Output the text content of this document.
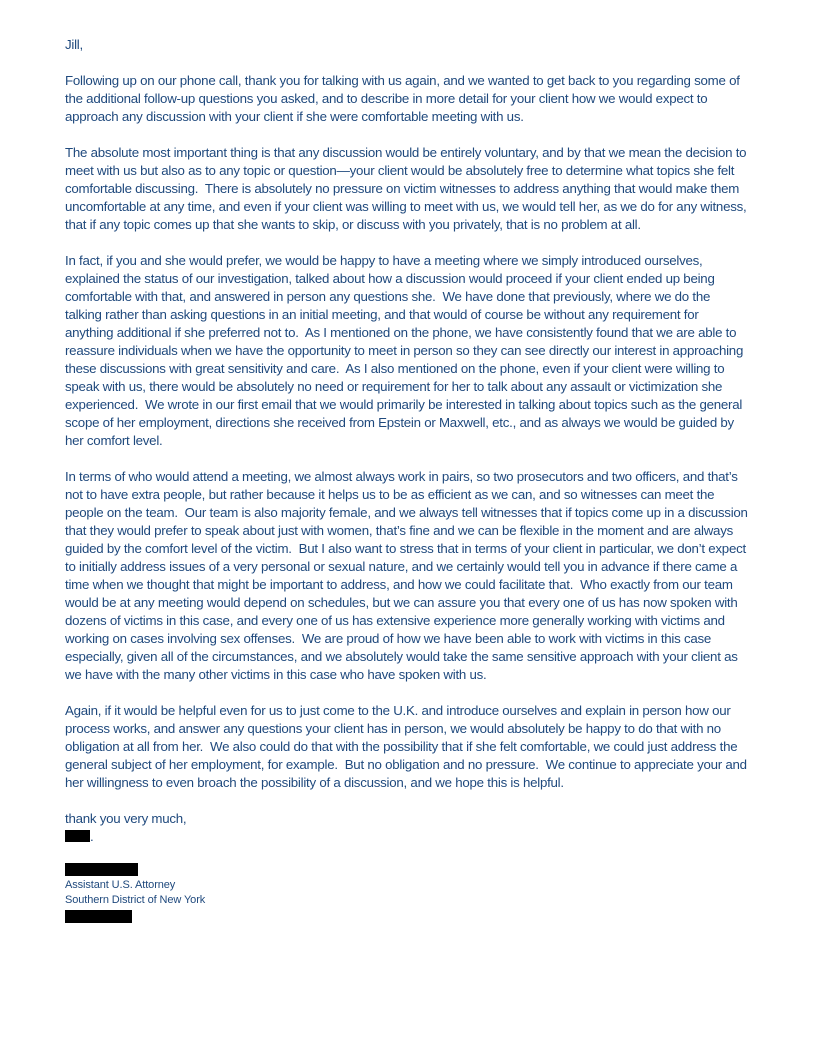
Jill,

Following up on our phone call, thank you for talking with us again, and we wanted to get back to you regarding some of the additional follow-up questions you asked, and to describe in more detail for your client how we would expect to approach any discussion with your client if she were comfortable meeting with us.

The absolute most important thing is that any discussion would be entirely voluntary, and by that we mean the decision to meet with us but also as to any topic or question—your client would be absolutely free to determine what topics she felt comfortable discussing.  There is absolutely no pressure on victim witnesses to address anything that would make them uncomfortable at any time, and even if your client was willing to meet with us, we would tell her, as we do for any witness, that if any topic comes up that she wants to skip, or discuss with you privately, that is no problem at all.

In fact, if you and she would prefer, we would be happy to have a meeting where we simply introduced ourselves, explained the status of our investigation, talked about how a discussion would proceed if your client ended up being comfortable with that, and answered in person any questions she.  We have done that previously, where we do the talking rather than asking questions in an initial meeting, and that would of course be without any requirement for anything additional if she preferred not to.  As I mentioned on the phone, we have consistently found that we are able to reassure individuals when we have the opportunity to meet in person so they can see directly our interest in approaching these discussions with great sensitivity and care.  As I also mentioned on the phone, even if your client were willing to speak with us, there would be absolutely no need or requirement for her to talk about any assault or victimization she experienced.  We wrote in our first email that we would primarily be interested in talking about topics such as the general scope of her employment, directions she received from Epstein or Maxwell, etc., and as always we would be guided by her comfort level.

In terms of who would attend a meeting, we almost always work in pairs, so two prosecutors and two officers, and that’s not to have extra people, but rather because it helps us to be as efficient as we can, and so witnesses can meet the people on the team.  Our team is also majority female, and we always tell witnesses that if topics come up in a discussion that they would prefer to speak about just with women, that’s fine and we can be flexible in the moment and are always guided by the comfort level of the victim.  But I also want to stress that in terms of your client in particular, we don’t expect to initially address issues of a very personal or sexual nature, and we certainly would tell you in advance if there came a time when we thought that might be important to address, and how we could facilitate that.  Who exactly from our team would be at any meeting would depend on schedules, but we can assure you that every one of us has now spoken with dozens of victims in this case, and every one of us has extensive experience more generally working with victims and working on cases involving sex offenses.  We are proud of how we have been able to work with victims in this case especially, given all of the circumstances, and we absolutely would take the same sensitive approach with your client as we have with the many other victims in this case who have spoken with us.

Again, if it would be helpful even for us to just come to the U.K. and introduce ourselves and explain in person how our process works, and answer any questions your client has in person, we would absolutely be happy to do that with no obligation at all from her.  We also could do that with the possibility that if she felt comfortable, we could just address the general subject of her employment, for example.  But no obligation and no pressure.  We continue to appreciate your and her willingness to even broach the possibility of a discussion, and we hope this is helpful.

thank you very much,

.
Assistant U.S. Attorney
Southern District of New York
